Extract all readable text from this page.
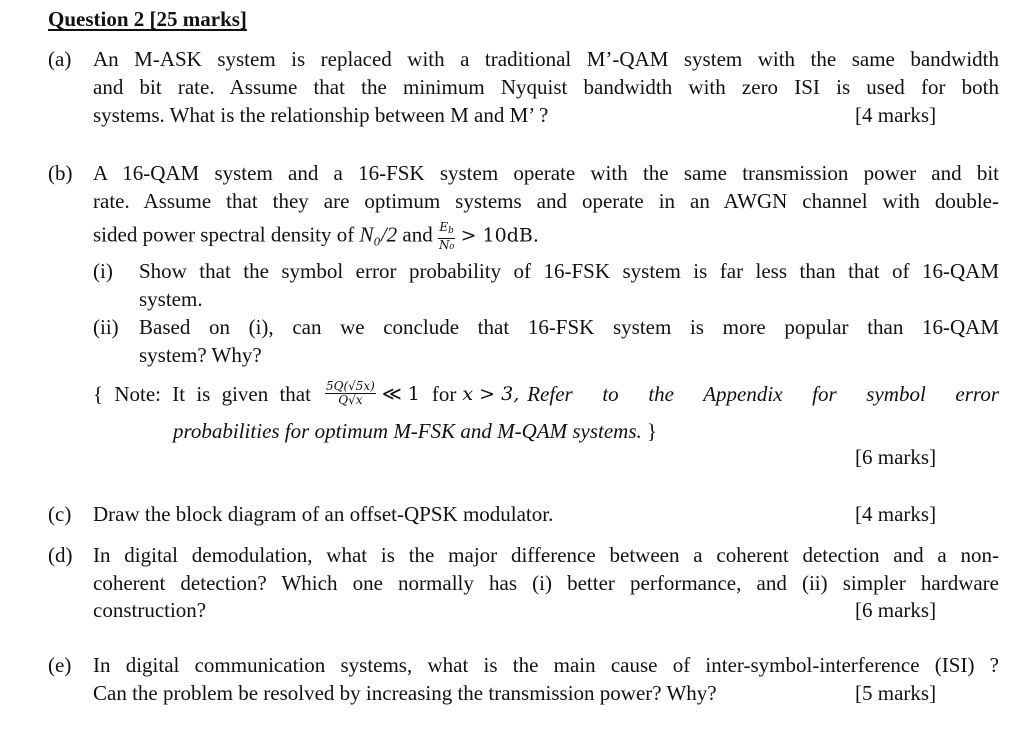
Question 2 [25 marks]
(a) An M-ASK system is replaced with a traditional M’-QAM system with the same bandwidth
and bit rate. Assume that the minimum Nyquist bandwidth with zero ISI is used for both
systems. What is the relationship between M and M’ ?	[4 marks]
(b) A 16-QAM system and a 16-FSK system operate with the same transmission power and bit
rate. Assume that they are optimum systems and operate in an AWGN channel with double-
sided power spectral density of N₀/2 and $\frac{E_b}{\text{N₀}} > 10dB$.
(i) Show that the symbol error probability of 16-FSK system is far less than that of 16-QAM
system.
(ii) Based on (i), can we conclude that 16-FSK system is more popular than 16-QAM
system? Why?
{ Note: It is given that $\frac{5Q(√5x)}{Q√x}$ ≪ 1 for x > 3, Refer to the Appendix for symbol error
probabilities for optimum M-FSK and M-QAM systems. }
[6 marks]
(c) Draw the block diagram of an offset-QPSK modulator.	[4 marks]
(d) In digital demodulation, what is the major difference between a coherent detection and a non-
coherent detection? Which one normally has (i) better performance, and (ii) simpler hardware
construction?	[6 marks]
(e) In digital communication systems, what is the main cause of inter-symbol-interference (ISI) ?
Can the problem be resolved by increasing the transmission power? Why?	[5 marks]
